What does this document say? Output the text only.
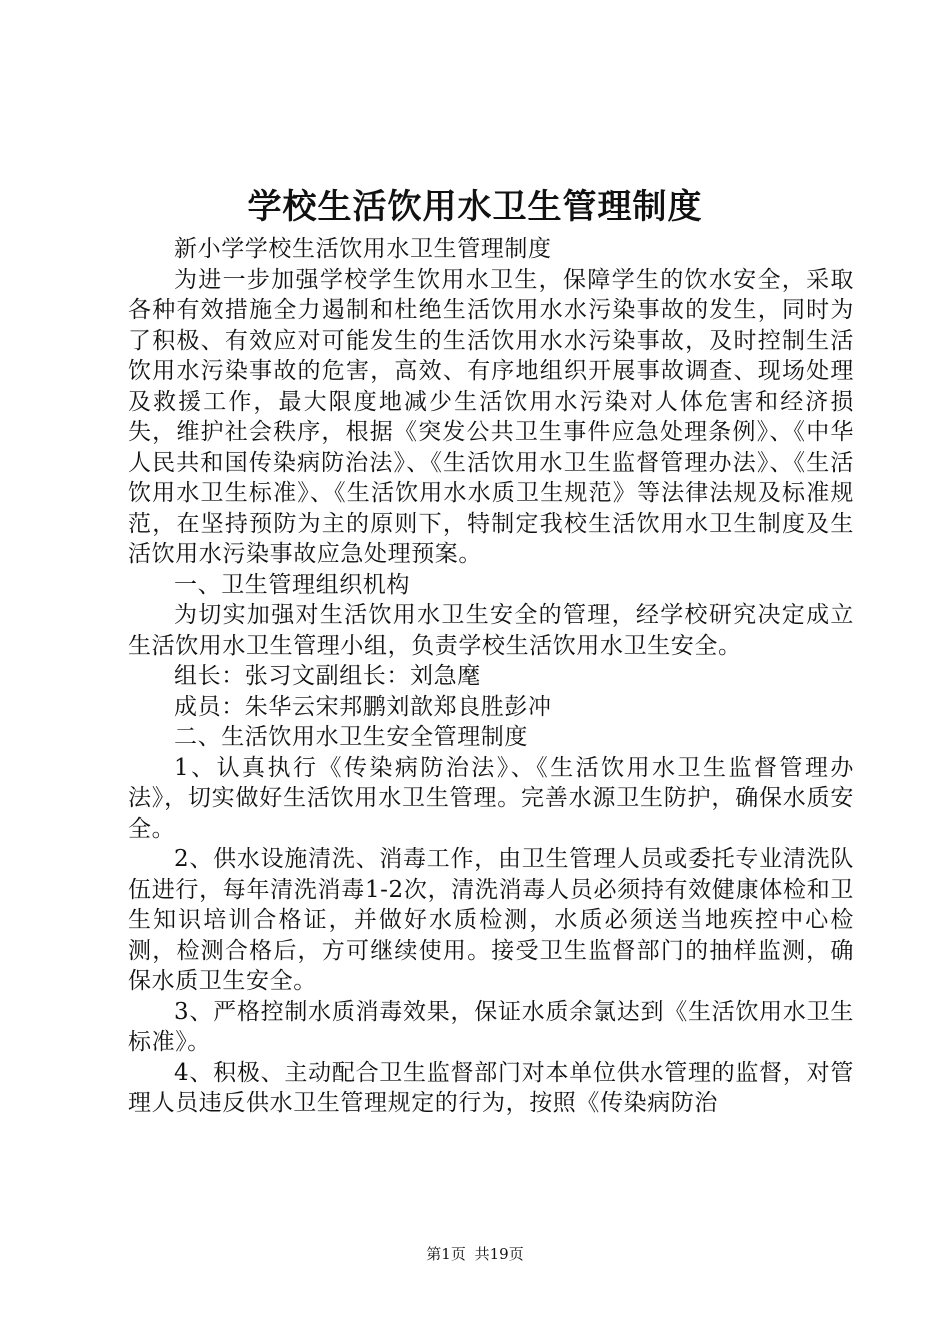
学校生活饮用水卫生管理制度

新小学学校生活饮用水卫生管理制度

为进一步加强学校学生饮用水卫生，保障学生的饮水安全，采取各种有效措施全力遏制和杜绝生活饮用水水污染事故的发生，同时为了积极、有效应对可能发生的生活饮用水水污染事故，及时控制生活饮用水污染事故的危害，高效、有序地组织开展事故调查、现场处理及救援工作，最大限度地减少生活饮用水污染对人体危害和经济损失，维护社会秩序，根据《突发公共卫生事件应急处理条例》、《中华人民共和国传染病防治法》、《生活饮用水卫生监督管理办法》、《生活饮用水卫生标准》、《生活饮用水水质卫生规范》等法律法规及标准规范，在坚持预防为主的原则下，特制定我校生活饮用水卫生制度及生活饮用水污染事故应急处理预案。

一、卫生管理组织机构

为切实加强对生活饮用水卫生安全的管理，经学校研究决定成立生活饮用水卫生管理小组，负责学校生活饮用水卫生安全。

组长：张习文副组长：刘急麾

成员：朱华云宋邦鹏刘歆郑良胜彭冲

二、生活饮用水卫生安全管理制度

1、认真执行《传染病防治法》、《生活饮用水卫生监督管理办法》，切实做好生活饮用水卫生管理。完善水源卫生防护，确保水质安全。

2、供水设施清洗、消毒工作，由卫生管理人员或委托专业清洗队伍进行，每年清洗消毒1-2次，清洗消毒人员必须持有效健康体检和卫生知识培训合格证，并做好水质检测，水质必须送当地疾控中心检测，检测合格后，方可继续使用。接受卫生监督部门的抽样监测，确保水质卫生安全。

3、严格控制水质消毒效果，保证水质余氯达到《生活饮用水卫生标准》。

4、积极、主动配合卫生监督部门对本单位供水管理的监督，对管理人员违反供水卫生管理规定的行为，按照《传染病防治

第1页 共19页
